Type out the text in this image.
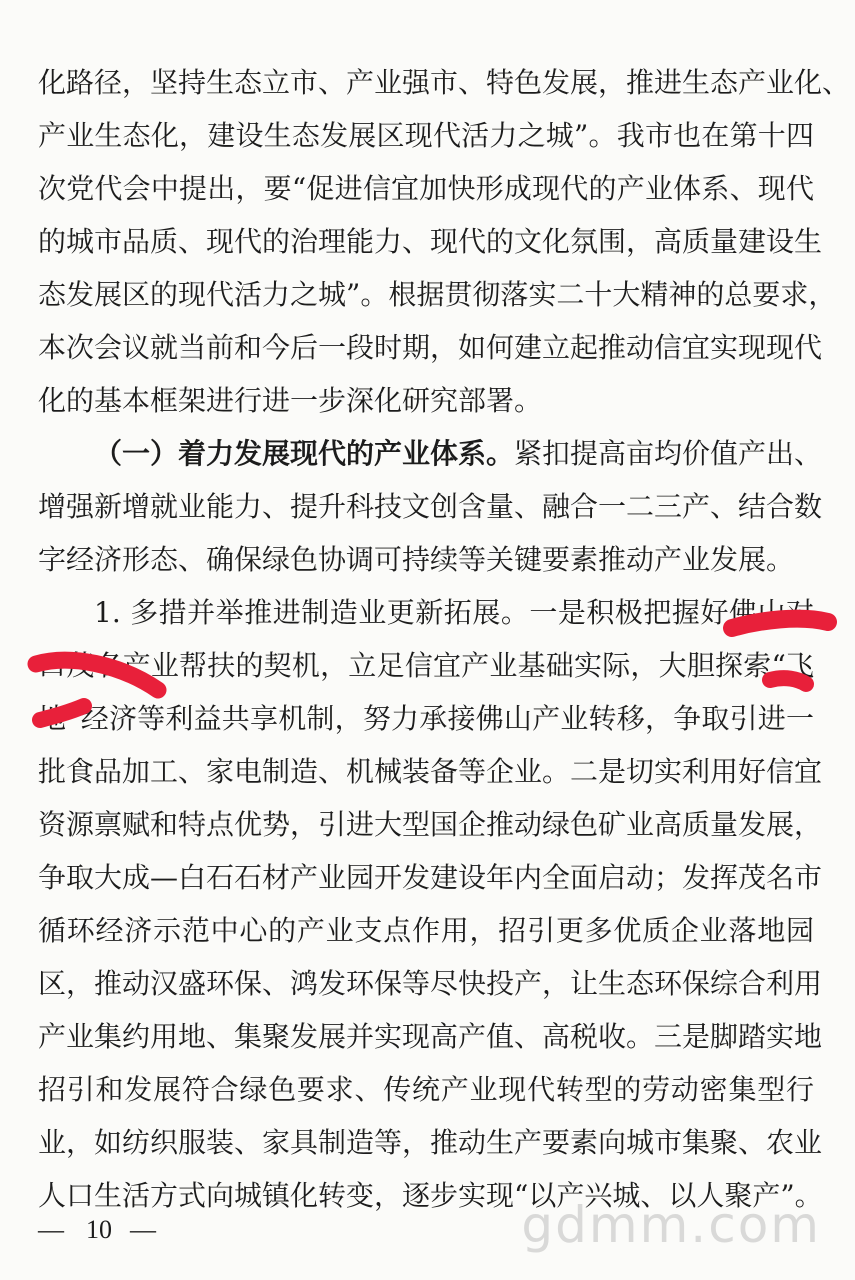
化路径，坚持生态立市、产业强市、特色发展，推进生态产业化、
产业生态化，建设生态发展区现代活力之城”。我市也在第十四
次党代会中提出，要“促进信宜加快形成现代的产业体系、现代
的城市品质、现代的治理能力、现代的文化氛围，高质量建设生
态发展区的现代活力之城”。根据贯彻落实二十大精神的总要求，
本次会议就当前和今后一段时期，如何建立起推动信宜实现现代
化的基本框架进行进一步深化研究部署。
（一）着力发展现代的产业体系。紧扣提高亩均价值产出、
增强新增就业能力、提升科技文创含量、融合一二三产、结合数
字经济形态、确保绿色协调可持续等关键要素推动产业发展。
1. 多措并举推进制造业更新拓展。一是积极把握好佛山对
口茂名产业帮扶的契机，立足信宜产业基础实际，大胆探索“飞
地”经济等利益共享机制，努力承接佛山产业转移，争取引进一
批食品加工、家电制造、机械装备等企业。二是切实利用好信宜
资源禀赋和特点优势，引进大型国企推动绿色矿业高质量发展，
争取大成—白石石材产业园开发建设年内全面启动；发挥茂名市
循环经济示范中心的产业支点作用，招引更多优质企业落地园
区，推动汉盛环保、鸿发环保等尽快投产，让生态环保综合利用
产业集约用地、集聚发展并实现高产值、高税收。三是脚踏实地
招引和发展符合绿色要求、传统产业现代转型的劳动密集型行
业，如纺织服装、家具制造等，推动生产要素向城市集聚、农业
人口生活方式向城镇化转变，逐步实现“以产兴城、以人聚产”。
— 10 —	gdmm.com
